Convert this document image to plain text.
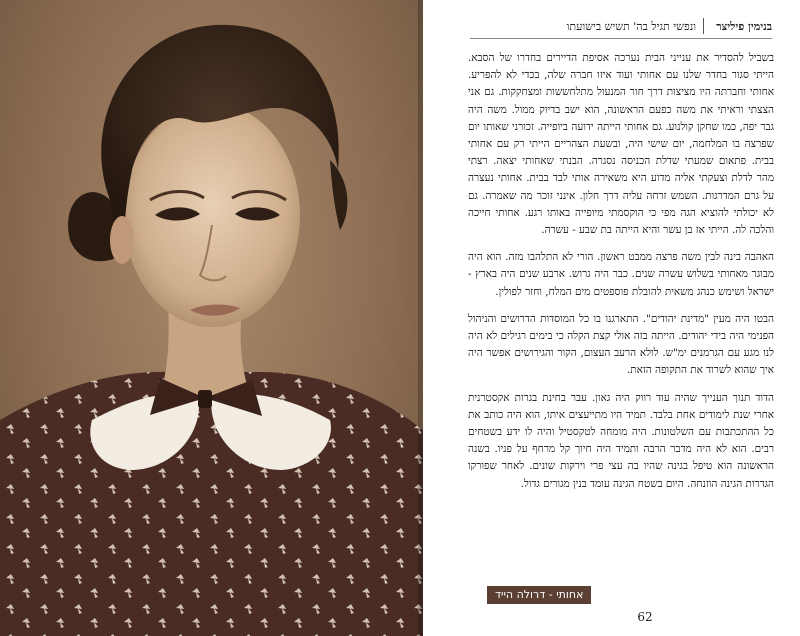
בנימין פיליצר
ונפשי תגיל בה' תשיש בישועתו

בשביל להסדיר את ענייני הבית נערכה אסיפת הדיירים בחדרו של הסבא. הייתי סגור בחדר שלנו עם אחותי ועוד איזו חברה שלה, בכדי לא להפריע. אחותי וחברתה היו מציצות דרך חור המנעול מתלחששות ומצחקקות. גם אני הצצתי וראיתי את משה כפעם הראשונה, הוא ישב בדיוק ממול. משה היה גבר יפה, כמו שחקן קולנוע. גם אחותי הייתה ידועה ביופייה. זכורני שאותו יום שפרצה בו המלחמה, יום שישי היה, ובשעת הצהריים הייתי רק עם אחותי בבית. פתאום שמעתי שדלת הכניסה נסגרה. הבנתי שאחותי יצאה. רצתי מהר לדלת וצעקתי אליה מדוע היא משאירה אותי לבד בבית. אחותי נעצרה על גרם המדרגות. השמש זרחה עליה דרך חלון. אינני זוכר מה שאמרה. גם לא יכולתי להוציא הגה מפי כי הוקסמתי מיופייה באותו רגע. אחותי חייכה והלכה לה. הייתי אז בן עשר והיא הייתה בת שבע - עשרה.

האהבה בינה לבין משה פרצה ממבט ראשון. הורי לא התלהבו מזה. הוא היה מבוגר מאחותי בשלוש עשרה שנים. כבר היה גרוש. ארבע שנים היה בארץ - ישראל ושימש כנהג משאית להובלת פוספטים מים המלח, וחזר לפולין.

הבטו היה מעין "מדינת יהודים". התארגנו בו כל המוסדות הדרושים והניהול הפנימי היה בידי יהודים. הייתה בזה אולי קצת הקלה כי בימים רגילים לא היה לנו מגע עם הגרמנים ימ"ש. לולא הרעב העצום, הקור והגירושים אפשר היה איך שהוא לשרוד את התקופה הזאת.

הדוד תנוך הענייך שהיה עוד רווק היה גאון. עבר בחינת בגרות אקסטרנית אחרי שנת לימודים אחת בלבד. תמיד היו מתייעצים איתו, הוא היה כותב את כל ההתכתבות עם השלטונות. היה מומחה לטקסטיל והיה לו ידע בשטחים רבים. הוא לא היה מדבר הרבה ותמיד היה חיוך קל מרחף על פניו. בשנה הראשונה הוא טיפל בגינה שהיו בה עצי פרי וירקות שונים. לאחר שפורקו הגדרות הגינה הוזנחה. היום בשטח הגינה עומד בנין מגורים גדול.

אחותי - דרולה הייד
62
